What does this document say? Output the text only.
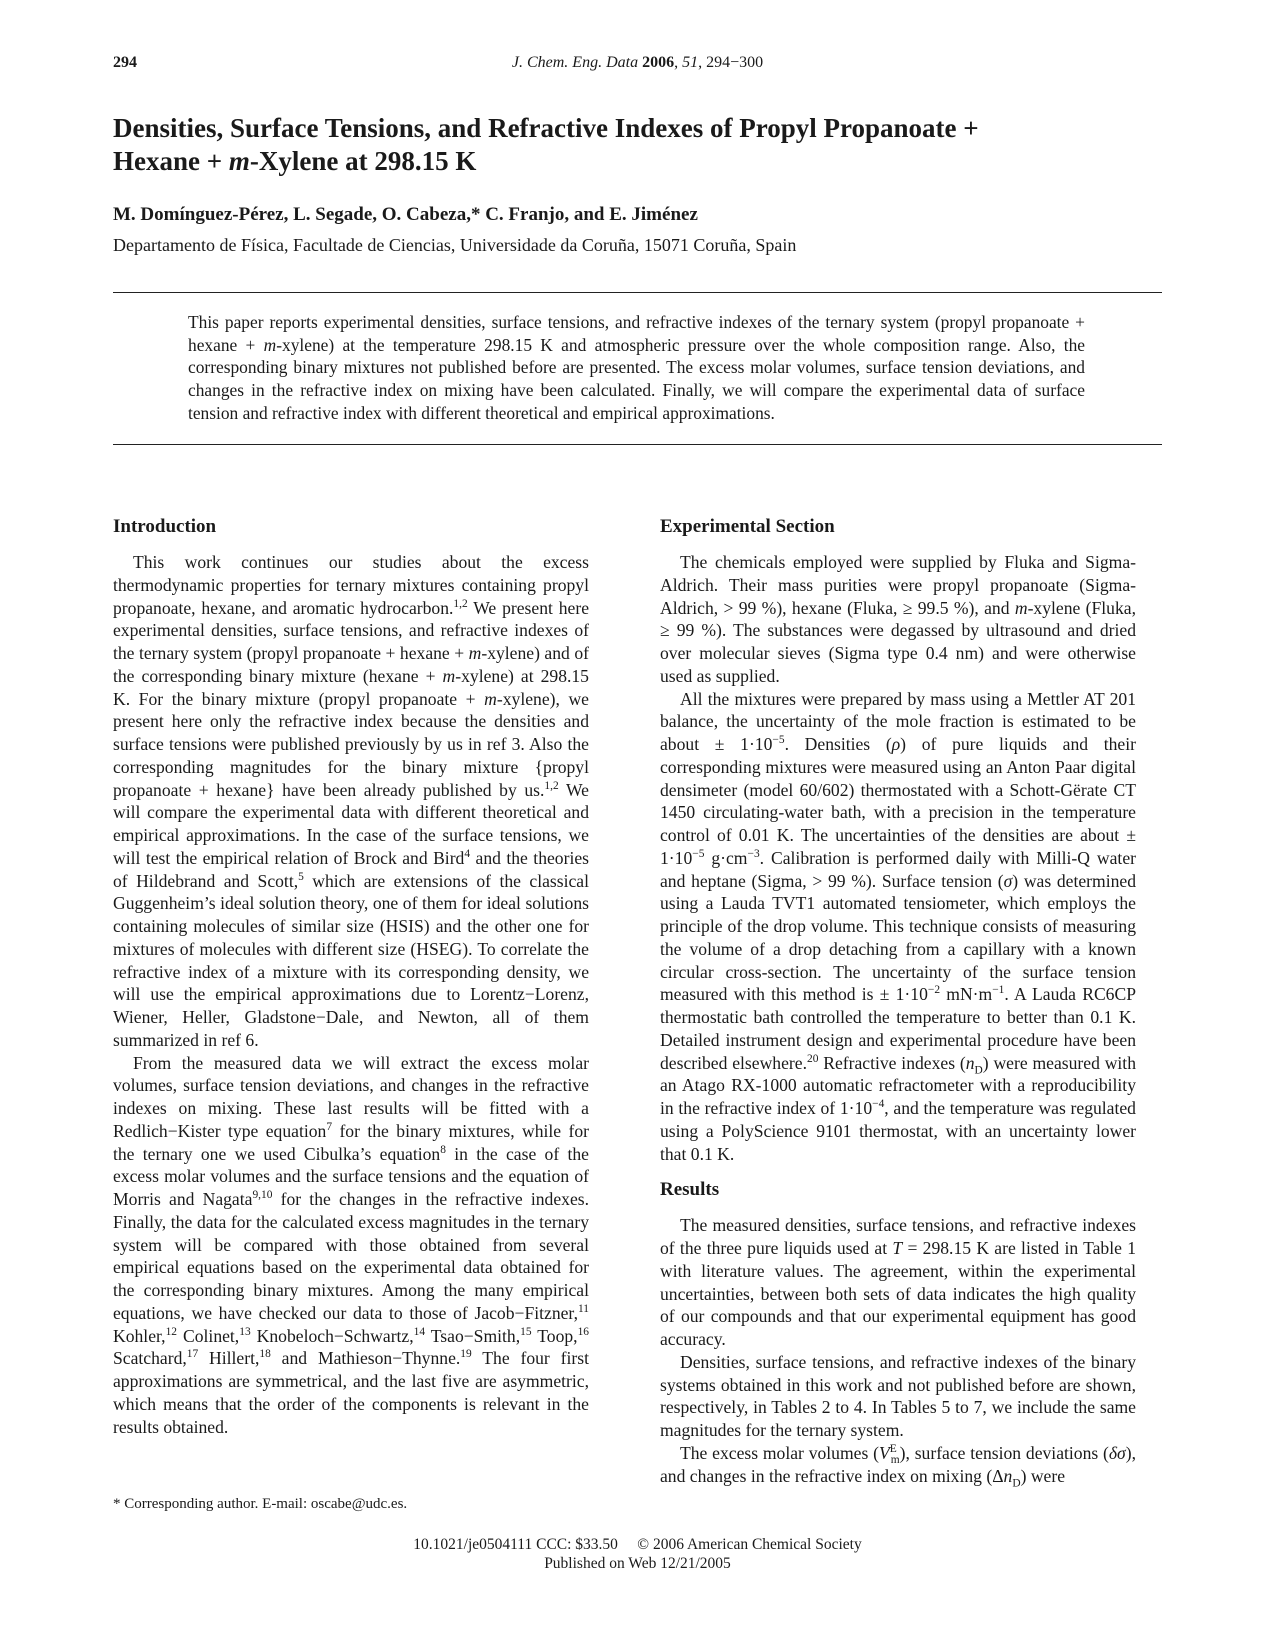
294	J. Chem. Eng. Data 2006, 51, 294−300
Densities, Surface Tensions, and Refractive Indexes of Propyl Propanoate +
Hexane + m-Xylene at 298.15 K
M. Domínguez-Pérez, L. Segade, O. Cabeza,* C. Franjo, and E. Jiménez
Departamento de Física, Facultade de Ciencias, Universidade da Coruña, 15071 Coruña, Spain

This paper reports experimental densities, surface tensions, and refractive indexes of the ternary system (propyl propanoate + hexane + m-xylene) at the temperature 298.15 K and atmospheric pressure over the whole composition range. Also, the corresponding binary mixtures not published before are presented. The excess molar volumes, surface tension deviations, and changes in the refractive index on mixing have been calculated. Finally, we will compare the experimental data of surface tension and refractive index with different theoretical and empirical approximations.

Introduction

This work continues our studies about the excess thermodynamic properties for ternary mixtures containing propyl propanoate, hexane, and aromatic hydrocarbon.$^{1,2}$ We present here experimental densities, surface tensions, and refractive indexes of the ternary system (propyl propanoate + hexane + m-xylene) and of the corresponding binary mixture (hexane + m-xylene) at 298.15 K. For the binary mixture (propyl propanoate + m-xylene), we present here only the refractive index because the densities and surface tensions were published previously by us in ref 3. Also the corresponding magnitudes for the binary mixture {propyl propanoate + hexane} have been already published by us.$^{1,2}$ We will compare the experimental data with different theoretical and empirical approximations. In the case of the surface tensions, we will test the empirical relation of Brock and Bird$^4$ and the theories of Hildebrand and Scott,$^5$ which are extensions of the classical Guggenheim’s ideal solution theory, one of them for ideal solutions containing molecules of similar size (HSIS) and the other one for mixtures of molecules with different size (HSEG). To correlate the refractive index of a mixture with its corresponding density, we will use the empirical approximations due to Lorentz−Lorenz, Wiener, Heller, Gladstone−Dale, and Newton, all of them summarized in ref 6.

From the measured data we will extract the excess molar volumes, surface tension deviations, and changes in the refractive indexes on mixing. These last results will be fitted with a Redlich−Kister type equation$^7$ for the binary mixtures, while for the ternary one we used Cibulka’s equation$^8$ in the case of the excess molar volumes and the surface tensions and the equation of Morris and Nagata$^{9,10}$ for the changes in the refractive indexes. Finally, the data for the calculated excess magnitudes in the ternary system will be compared with those obtained from several empirical equations based on the experimental data obtained for the corresponding binary mixtures. Among the many empirical equations, we have checked our data to those of Jacob−Fitzner,$^{11}$ Kohler,$^{12}$ Colinet,$^{13}$ Knobeloch−Schwartz,$^{14}$ Tsao−Smith,$^{15}$ Toop,$^{16}$ Scatchard,$^{17}$ Hillert,$^{18}$ and Mathieson−Thynne.$^{19}$ The four first approximations are symmetrical, and the last five are asymmetric, which means that the order of the components is relevant in the results obtained.

Experimental Section

The chemicals employed were supplied by Fluka and Sigma-Aldrich. Their mass purities were propyl propanoate (Sigma-Aldrich, > 99 %), hexane (Fluka, ≥ 99.5 %), and m-xylene (Fluka, ≥ 99 %). The substances were degassed by ultrasound and dried over molecular sieves (Sigma type 0.4 nm) and were otherwise used as supplied.

All the mixtures were prepared by mass using a Mettler AT 201 balance, the uncertainty of the mole fraction is estimated to be about ± $1\cdot 10^{-5}$. Densities (ρ) of pure liquids and their corresponding mixtures were measured using an Anton Paar digital densimeter (model 60/602) thermostated with a Schott-Gërate CT 1450 circulating-water bath, with a precision in the temperature control of 0.01 K. The uncertainties of the densities are about ± $1\cdot 10^{-5}$ $g\cdot cm^{-3}$. Calibration is performed daily with Milli-Q water and heptane (Sigma, > 99 %). Surface tension (σ) was determined using a Lauda TVT1 automated tensiometer, which employs the principle of the drop volume. This technique consists of measuring the volume of a drop detaching from a capillary with a known circular cross-section. The uncertainty of the surface tension measured with this method is ± $1\cdot 10^{-2}$ $mN\cdot m^{-1}$. A Lauda RC6CP thermostatic bath controlled the temperature to better than 0.1 K. Detailed instrument design and experimental procedure have been described elsewhere.$^{20}$ Refractive indexes $(n_D)$ were measured with an Atago RX-1000 automatic refractometer with a reproducibility in the refractive index of $1\cdot 10^{-4}$, and the temperature was regulated using a PolyScience 9101 thermostat, with an uncertainty lower that 0.1 K.

Results

The measured densities, surface tensions, and refractive indexes of the three pure liquids used at T = 298.15 K are listed in Table 1 with literature values. The agreement, within the experimental uncertainties, between both sets of data indicates the high quality of our compounds and that our experimental equipment has good accuracy.

Densities, surface tensions, and refractive indexes of the binary systems obtained in this work and not published before are shown, respectively, in Tables 2 to 4. In Tables 5 to 7, we include the same magnitudes for the ternary system.

The excess molar volumes $(V^E_m)$, surface tension deviations (δσ), and changes in the refractive index on mixing $(\Delta n_D)$ were

* Corresponding author. E-mail: oscabe@udc.es.
10.1021/je0504111 CCC: $33.50     © 2006 American Chemical Society
Published on Web 12/21/2005
